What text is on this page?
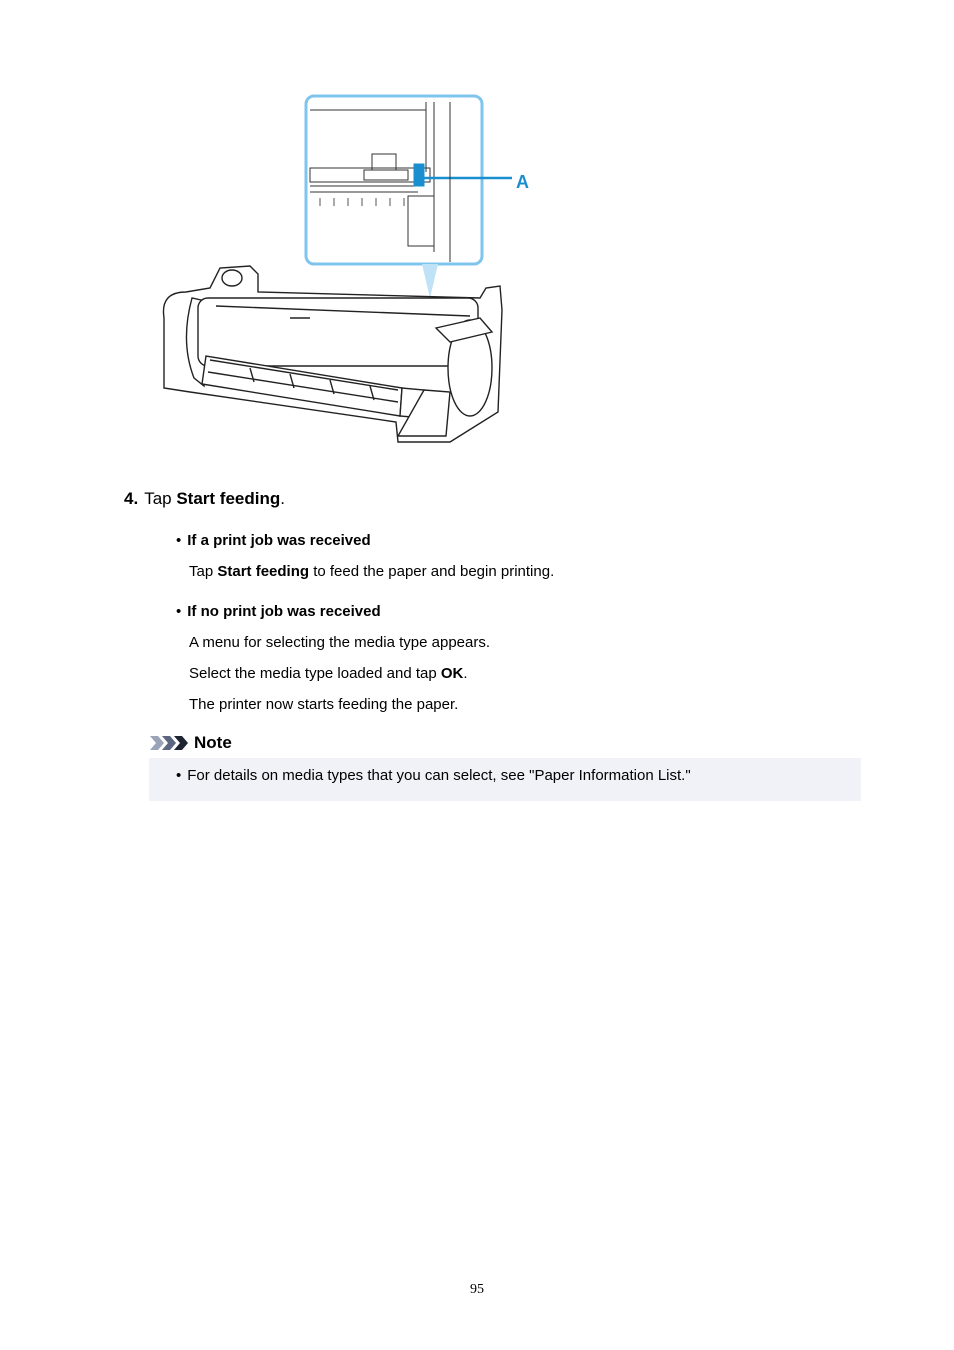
A
4. Tap Start feeding.
• If a print job was received
Tap Start feeding to feed the paper and begin printing.
• If no print job was received
A menu for selecting the media type appears.
Select the media type loaded and tap OK.
The printer now starts feeding the paper.
Note
• For details on media types that you can select, see "Paper Information List."
95
